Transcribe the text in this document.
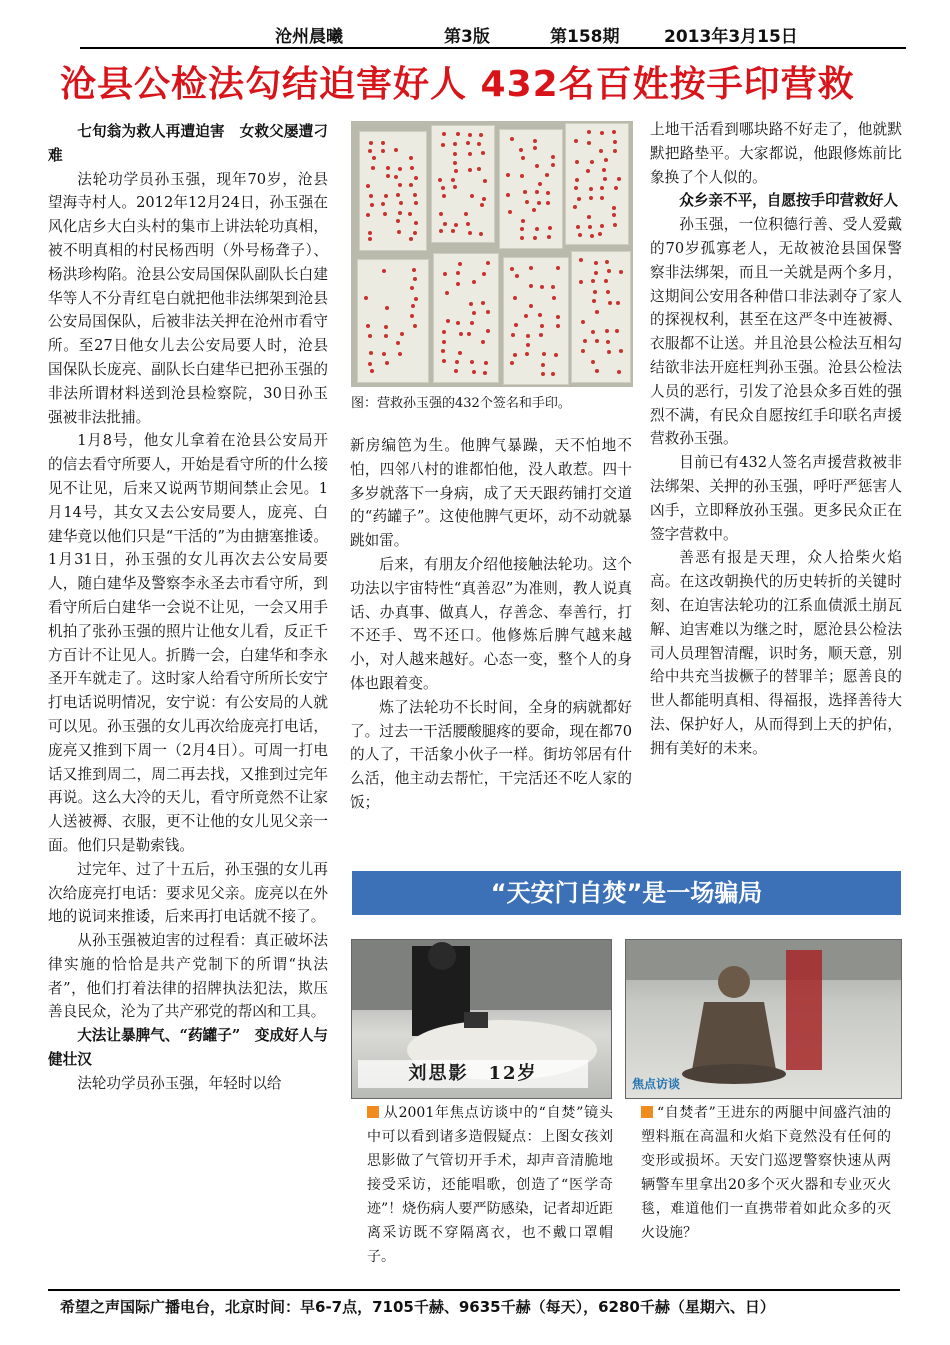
沧州晨曦	第3版	第158期	2013年3月15日
沧县公检法勾结迫害好人 432名百姓按手印营救

七旬翁为救人再遭迫害　女救父屡遭刁难

法轮功学员孙玉强，现年70岁，沧县望海寺村人。2012年12月24日，孙玉强在风化店乡大白头村的集市上讲法轮功真相，被不明真相的村民杨西明（外号杨聋子）、杨洪珍构陷。沧县公安局国保队副队长白建华等人不分青红皂白就把他非法绑架到沧县公安局国保队，后被非法关押在沧州市看守所。至27日他女儿去公安局要人时，沧县国保队长庞亮、副队长白建华已把孙玉强的非法所谓材料送到沧县检察院，30日孙玉强被非法批捕。

1月8号，他女儿拿着在沧县公安局开的信去看守所要人，开始是看守所的什么接见不让见，后来又说两节期间禁止会见。1月14号，其女又去公安局要人，庞亮、白建华竟以他们只是“干活的”为由搪塞推诿。1月31日，孙玉强的女儿再次去公安局要人，随白建华及警察李永圣去市看守所，到看守所后白建华一会说不让见，一会又用手机拍了张孙玉强的照片让他女儿看，反正千方百计不让见人。折腾一会，白建华和李永圣开车就走了。这时家人给看守所所长安宁打电话说明情况，安宁说：有公安局的人就可以见。孙玉强的女儿再次给庞亮打电话，庞亮又推到下周一（2月4日）。可周一打电话又推到周二，周二再去找，又推到过完年再说。这么大冷的天儿，看守所竟然不让家人送被褥、衣服，更不让他的女儿见父亲一面。他们只是勒索钱。

过完年、过了十五后，孙玉强的女儿再次给庞亮打电话：要求见父亲。庞亮以在外地的说词来推诿，后来再打电话就不接了。

从孙玉强被迫害的过程看：真正破坏法律实施的恰恰是共产党制下的所谓“执法者”，他们打着法律的招牌执法犯法，欺压善良民众，沦为了共产邪党的帮凶和工具。

大法让暴脾气、“药罐子”　变成好人与健壮汉

法轮功学员孙玉强，年轻时以给

图：营救孙玉强的432个签名和手印。

新房编笆为生。他脾气暴躁，天不怕地不怕，四邻八村的谁都怕他，没人敢惹。四十多岁就落下一身病，成了天天跟药铺打交道的“药罐子”。这使他脾气更坏，动不动就暴跳如雷。

后来，有朋友介绍他接触法轮功。这个功法以宇宙特性“真善忍”为准则，教人说真话、办真事、做真人，存善念、奉善行，打不还手、骂不还口。他修炼后脾气越来越小，对人越来越好。心态一变，整个人的身体也跟着变。

炼了法轮功不长时间，全身的病就都好了。过去一干活腰酸腿疼的要命，现在都70的人了，干活象小伙子一样。街坊邻居有什么活，他主动去帮忙，干完活还不吃人家的饭；

上地干活看到哪块路不好走了，他就默默把路垫平。大家都说，他跟修炼前比象换了个人似的。

众乡亲不平，自愿按手印营救好人

孙玉强，一位积德行善、受人爱戴的70岁孤寡老人，无故被沧县国保警察非法绑架，而且一关就是两个多月，这期间公安用各种借口非法剥夺了家人的探视权利，甚至在这严冬中连被褥、衣服都不让送。并且沧县公检法互相勾结欲非法开庭枉判孙玉强。沧县公检法人员的恶行，引发了沧县众多百姓的强烈不满，有民众自愿按红手印联名声援营救孙玉强。

目前已有432人签名声援营救被非法绑架、关押的孙玉强，呼吁严惩害人凶手，立即释放孙玉强。更多民众正在签字营救中。

善恶有报是天理，众人拾柴火焰高。在这改朝换代的历史转折的关键时刻、在迫害法轮功的江系血债派土崩瓦解、迫害难以为继之时，愿沧县公检法司人员理智清醒，识时务，顺天意，别给中共充当拔橛子的替罪羊；愿善良的世人都能明真相、得福报，选择善待大法、保护好人，从而得到上天的护佑，拥有美好的未来。

“天安门自焚”是一场骗局
刘思影　12岁	焦点访谈
从2001年焦点访谈中的“自焚”镜头中可以看到诸多造假疑点：上图女孩刘思影做了气管切开手术，却声音清脆地接受采访，还能唱歌，创造了“医学奇迹”！烧伤病人要严防感染，记者却近距离采访既不穿隔离衣，也不戴口罩帽子。
“自焚者”王进东的两腿中间盛汽油的塑料瓶在高温和火焰下竟然没有任何的变形或损坏。天安门巡逻警察快速从两辆警车里拿出20多个灭火器和专业灭火毯，难道他们一直携带着如此众多的灭火设施？
希望之声国际广播电台，北京时间：早6-7点，7105千赫、9635千赫（每天），6280千赫（星期六、日）
